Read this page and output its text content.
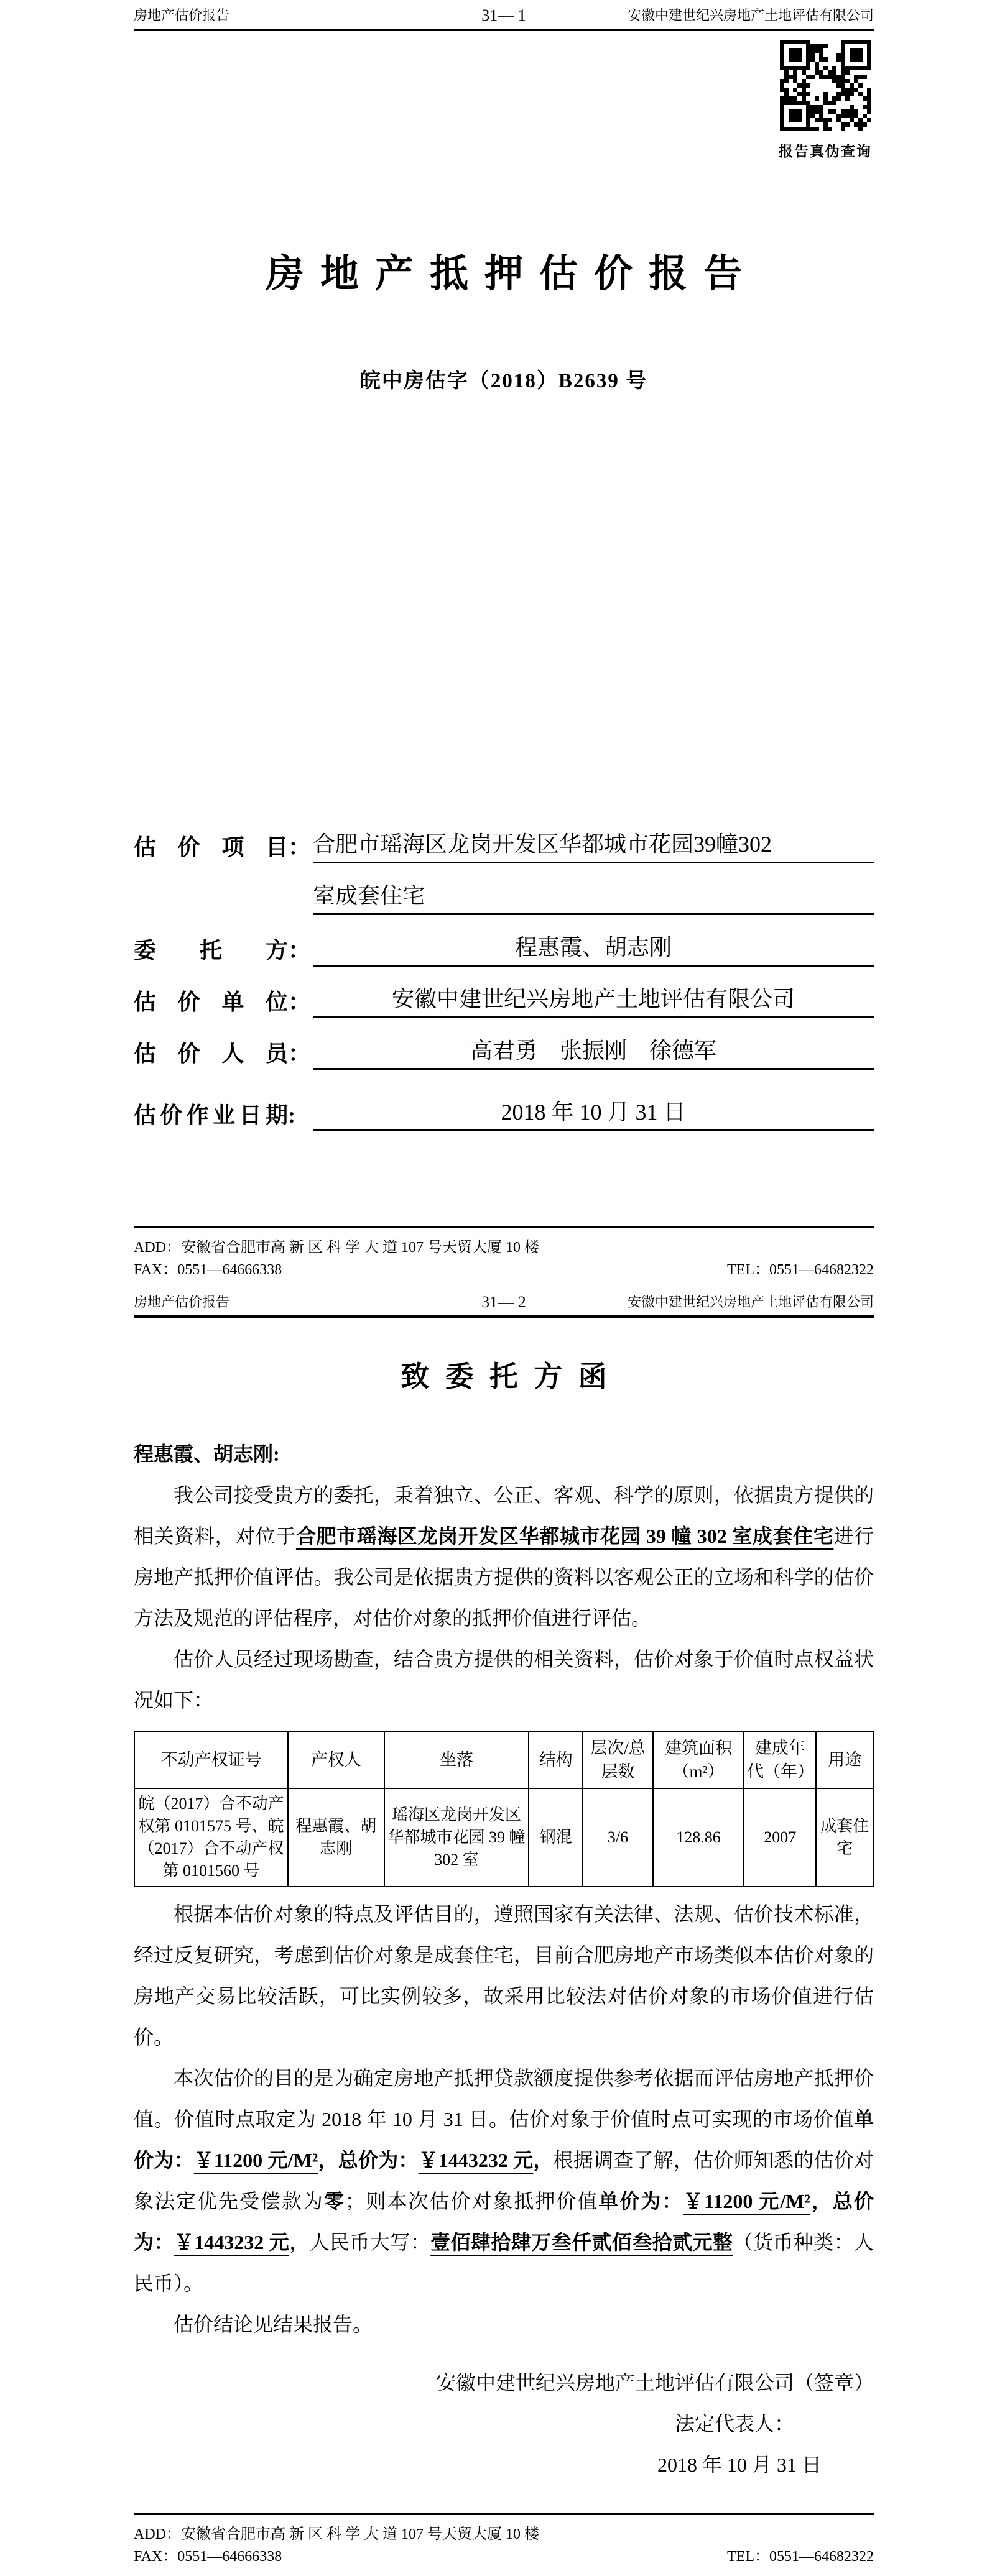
房地产估价报告	31— 1	安徽中建世纪兴房地产土地评估有限公司
报告真伪查询
房地产抵押估价报告
皖中房估字（2018）B2639 号
估价项目 ： 合肥市瑶海区龙岗开发区华都城市花园39幢302
室成套住宅
委托方 ：	程惠霞、胡志刚
估价单位 ：	安徽中建世纪兴房地产土地评估有限公司
估价人员 ：	高君勇　张振刚　徐德军
估价作业日期 :	2018 年 10 月 31 日
ADD：安徽省合肥市高 新 区 科 学 大 道 107 号天贸大厦 10 楼
FAX：0551—64666338	TEL：0551—64682322
房地产估价报告	31— 2	安徽中建世纪兴房地产土地评估有限公司
致委托方函
程惠霞、胡志刚:
我公司接受贵方的委托，秉着独立、公正、客观、科学的原则，依据贵方提供的相关资料，对位于合肥市瑶海区龙岗开发区华都城市花园 39 幢 302 室成套住宅进行房地产抵押价值评估。我公司是依据贵方提供的资料以客观公正的立场和科学的估价方法及规范的评估程序，对估价对象的抵押价值进行评估。
估价人员经过现场勘查，结合贵方提供的相关资料，估价对象于价值时点权益状况如下：
不动产权证号	产权人	坐落	结构	层次/总层数	建筑面积（m²）	建成年代（年）	用途
皖（2017）合不动产权第 0101575 号、皖（2017）合不动产权第 0101560 号	程惠霞、胡志刚	瑶海区龙岗开发区华都城市花园 39 幢 302 室	钢混	3/6	128.86	2007	成套住宅
根据本估价对象的特点及评估目的，遵照国家有关法律、法规、估价技术标准，经过反复研究，考虑到估价对象是成套住宅，目前合肥房地产市场类似本估价对象的房地产交易比较活跃，可比实例较多，故采用比较法对估价对象的市场价值进行估价。
本次估价的目的是为确定房地产抵押贷款额度提供参考依据而评估房地产抵押价值。价值时点取定为 2018 年 10 月 31 日。估价对象于价值时点可实现的市场价值单价为：￥11200 元/M²，总价为：￥1443232 元，根据调查了解，估价师知悉的估价对象法定优先受偿款为零；则本次估价对象抵押价值单价为：￥11200 元/M²，总价为：￥1443232 元，人民币大写：壹佰肆拾肆万叁仟贰佰叁拾贰元整（货币种类：人民币）。
估价结论见结果报告。
安徽中建世纪兴房地产土地评估有限公司（签章）
法定代表人：
2018 年 10 月 31 日
ADD：安徽省合肥市高 新 区 科 学 大 道 107 号天贸大厦 10 楼
FAX：0551—64666338	TEL：0551—64682322
